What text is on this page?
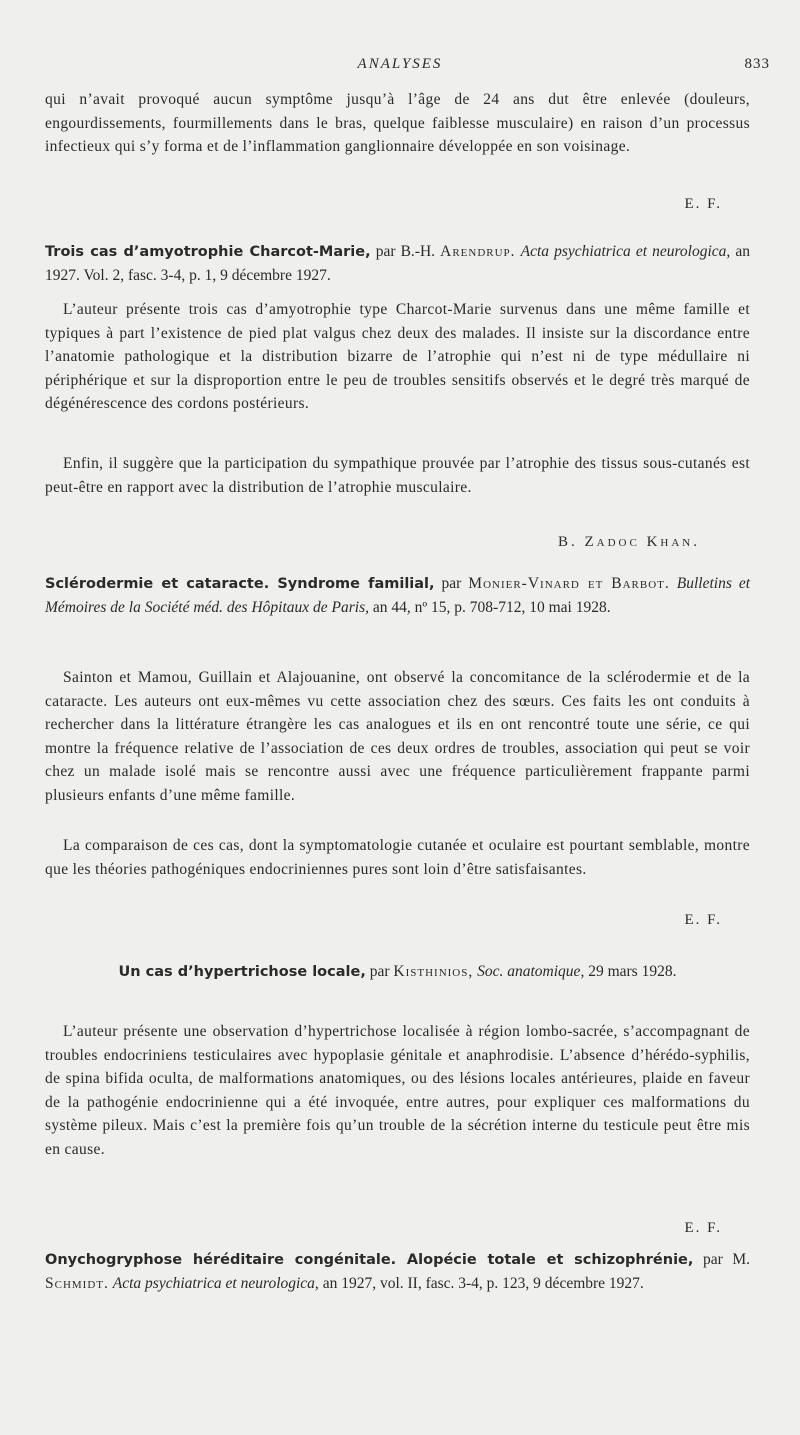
ANALYSES	833

qui n’avait provoqué aucun symptôme jusqu’à l’âge de 24 ans dut être enlevée (douleurs, engourdissements, fourmillements dans le bras, quelque faiblesse musculaire) en raison d’un processus infectieux qui s’y forma et de l’inflammation ganglionnaire développée en son voisinage.

E. F.
Trois cas d’amyotrophie Charcot-Marie, par B.-H. Arendrup. Acta psychiatrica et neurologica, an 1927. Vol. 2, fasc. 3-4, p. 1, 9 décembre 1927.

L’auteur présente trois cas d’amyotrophie type Charcot-Marie survenus dans une même famille et typiques à part l’existence de pied plat valgus chez deux des malades. Il insiste sur la discordance entre l’anatomie pathologique et la distribution bizarre de l’atrophie qui n’est ni de type médullaire ni périphérique et sur la disproportion entre le peu de troubles sensitifs observés et le degré très marqué de dégénérescence des cordons postérieurs.

Enfin, il suggère que la participation du sympathique prouvée par l’atrophie des tissus sous-cutanés est peut-être en rapport avec la distribution de l’atrophie musculaire.

B. Zadoc Khan.
Sclérodermie et cataracte. Syndrome familial, par Monier-Vinard et Barbot. Bulletins et Mémoires de la Société méd. des Hôpitaux de Paris, an 44, nº 15, p. 708-712, 10 mai 1928.

Sainton et Mamou, Guillain et Alajouanine, ont observé la concomitance de la sclérodermie et de la cataracte. Les auteurs ont eux-mêmes vu cette association chez des sœurs. Ces faits les ont conduits à rechercher dans la littérature étrangère les cas analogues et ils en ont rencontré toute une série, ce qui montre la fréquence relative de l’association de ces deux ordres de troubles, association qui peut se voir chez un malade isolé mais se rencontre aussi avec une fréquence particulièrement frappante parmi plusieurs enfants d’une même famille.

La comparaison de ces cas, dont la symptomatologie cutanée et oculaire est pourtant semblable, montre que les théories pathogéniques endocriniennes pures sont loin d’être satisfaisantes.

E. F.
Un cas d’hypertrichose locale, par Kisthinios, Soc. anatomique, 29 mars 1928.

L’auteur présente une observation d’hypertrichose localisée à région lombo-sacrée, s’accompagnant de troubles endocriniens testiculaires avec hypoplasie génitale et anaphrodisie. L’absence d’hérédo-syphilis, de spina bifida oculta, de malformations anatomiques, ou des lésions locales antérieures, plaide en faveur de la pathogénie endocrinienne qui a été invoquée, entre autres, pour expliquer ces malformations du système pileux. Mais c’est la première fois qu’un trouble de la sécrétion interne du testicule peut être mis en cause.

E. F.
Onychogryphose héréditaire congénitale. Alopécie totale et schizophrénie, par M. Schmidt. Acta psychiatrica et neurologica, an 1927, vol. II, fasc. 3-4, p. 123, 9 décembre 1927.
